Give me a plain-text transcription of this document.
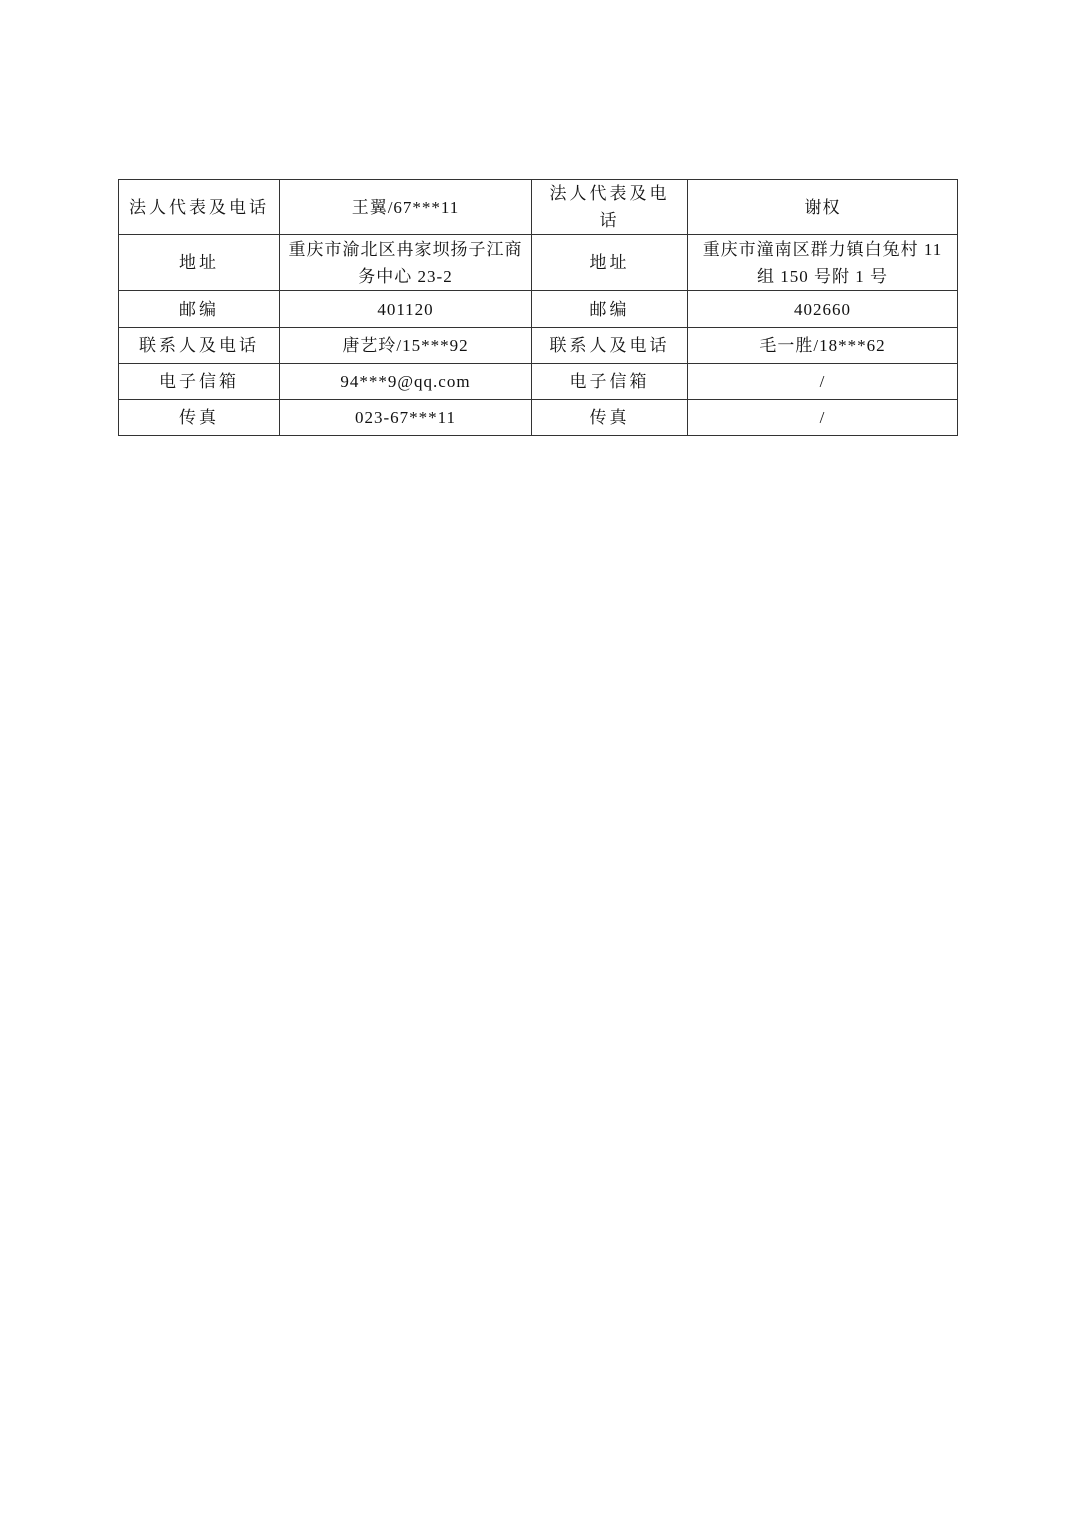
法人代表及电话	王翼/67***11	法人代表及电话	谢权
地址	重庆市渝北区冉家坝扬子江商务中心 23-2	地址	重庆市潼南区群力镇白兔村 11 组 150 号附 1 号
邮编	401120	邮编	402660
联系人及电话	唐艺玲/15***92	联系人及电话	毛一胜/18***62
电子信箱	94***9@qq.com	电子信箱	/
传真	023-67***11	传真	/
